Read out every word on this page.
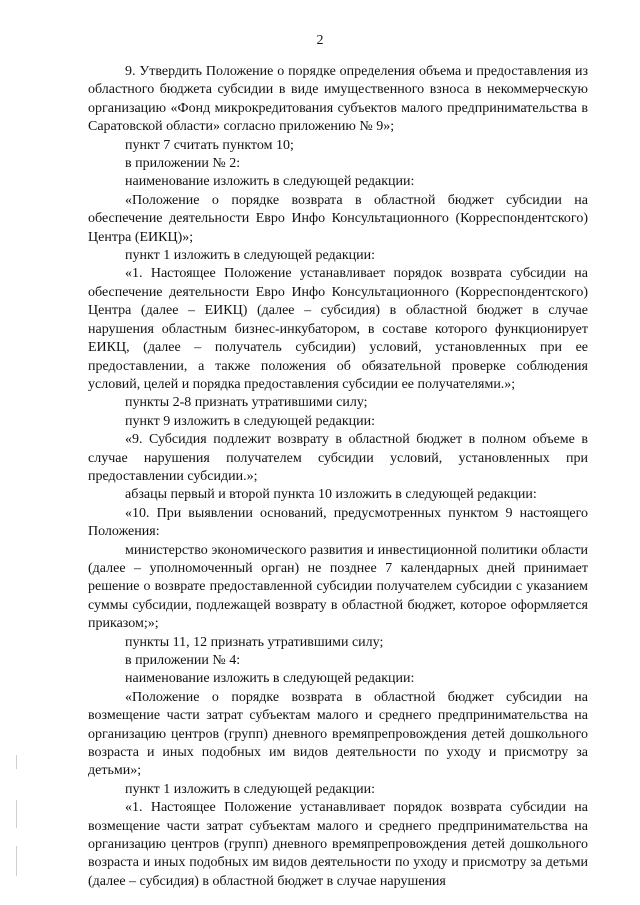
2

9. Утвердить Положение о порядке определения объема и предоставления из областного бюджета субсидии в виде имущественного взноса в некоммерческую организацию «Фонд микрокредитования субъектов малого предпринимательства в Саратовской области» согласно приложению № 9»;

пункт 7 считать пунктом 10;

в приложении № 2:

наименование изложить в следующей редакции:

«Положение о порядке возврата в областной бюджет субсидии на обеспечение деятельности Евро Инфо Консультационного (Корреспондентского) Центра (ЕИКЦ)»;

пункт 1 изложить в следующей редакции:

«1. Настоящее Положение устанавливает порядок возврата субсидии на обеспечение деятельности Евро Инфо Консультационного (Корреспондентского) Центра (далее – ЕИКЦ) (далее – субсидия) в областной бюджет в случае нарушения областным бизнес-инкубатором, в составе которого функционирует ЕИКЦ, (далее – получатель субсидии) условий, установленных при ее предоставлении, а также положения об обязательной проверке соблюдения условий, целей и порядка предоставления субсидии ее получателями.»;

пункты 2-8 признать утратившими силу;

пункт 9 изложить в следующей редакции:

«9. Субсидия подлежит возврату в областной бюджет в полном объеме в случае нарушения получателем субсидии условий, установленных при предоставлении субсидии.»;

абзацы первый и второй пункта 10 изложить в следующей редакции:

«10. При выявлении оснований, предусмотренных пунктом 9 настоящего Положения:

министерство экономического развития и инвестиционной политики области (далее – уполномоченный орган) не позднее 7 календарных дней принимает решение о возврате предоставленной субсидии получателем субсидии с указанием суммы субсидии, подлежащей возврату в областной бюджет, которое оформляется приказом;»;

пункты 11, 12 признать утратившими силу;

в приложении № 4:

наименование изложить в следующей редакции:

«Положение о порядке возврата в областной бюджет субсидии на возмещение части затрат субъектам малого и среднего предпринимательства на организацию центров (групп) дневного времяпрепровождения детей дошкольного возраста и иных подобных им видов деятельности по уходу и присмотру за детьми»;

пункт 1 изложить в следующей редакции:

«1. Настоящее Положение устанавливает порядок возврата субсидии на возмещение части затрат субъектам малого и среднего предпринимательства на организацию центров (групп) дневного времяпрепровождения детей дошкольного возраста и иных подобных им видов деятельности по уходу и присмотру за детьми (далее – субсидия) в областной бюджет в случае нарушения
